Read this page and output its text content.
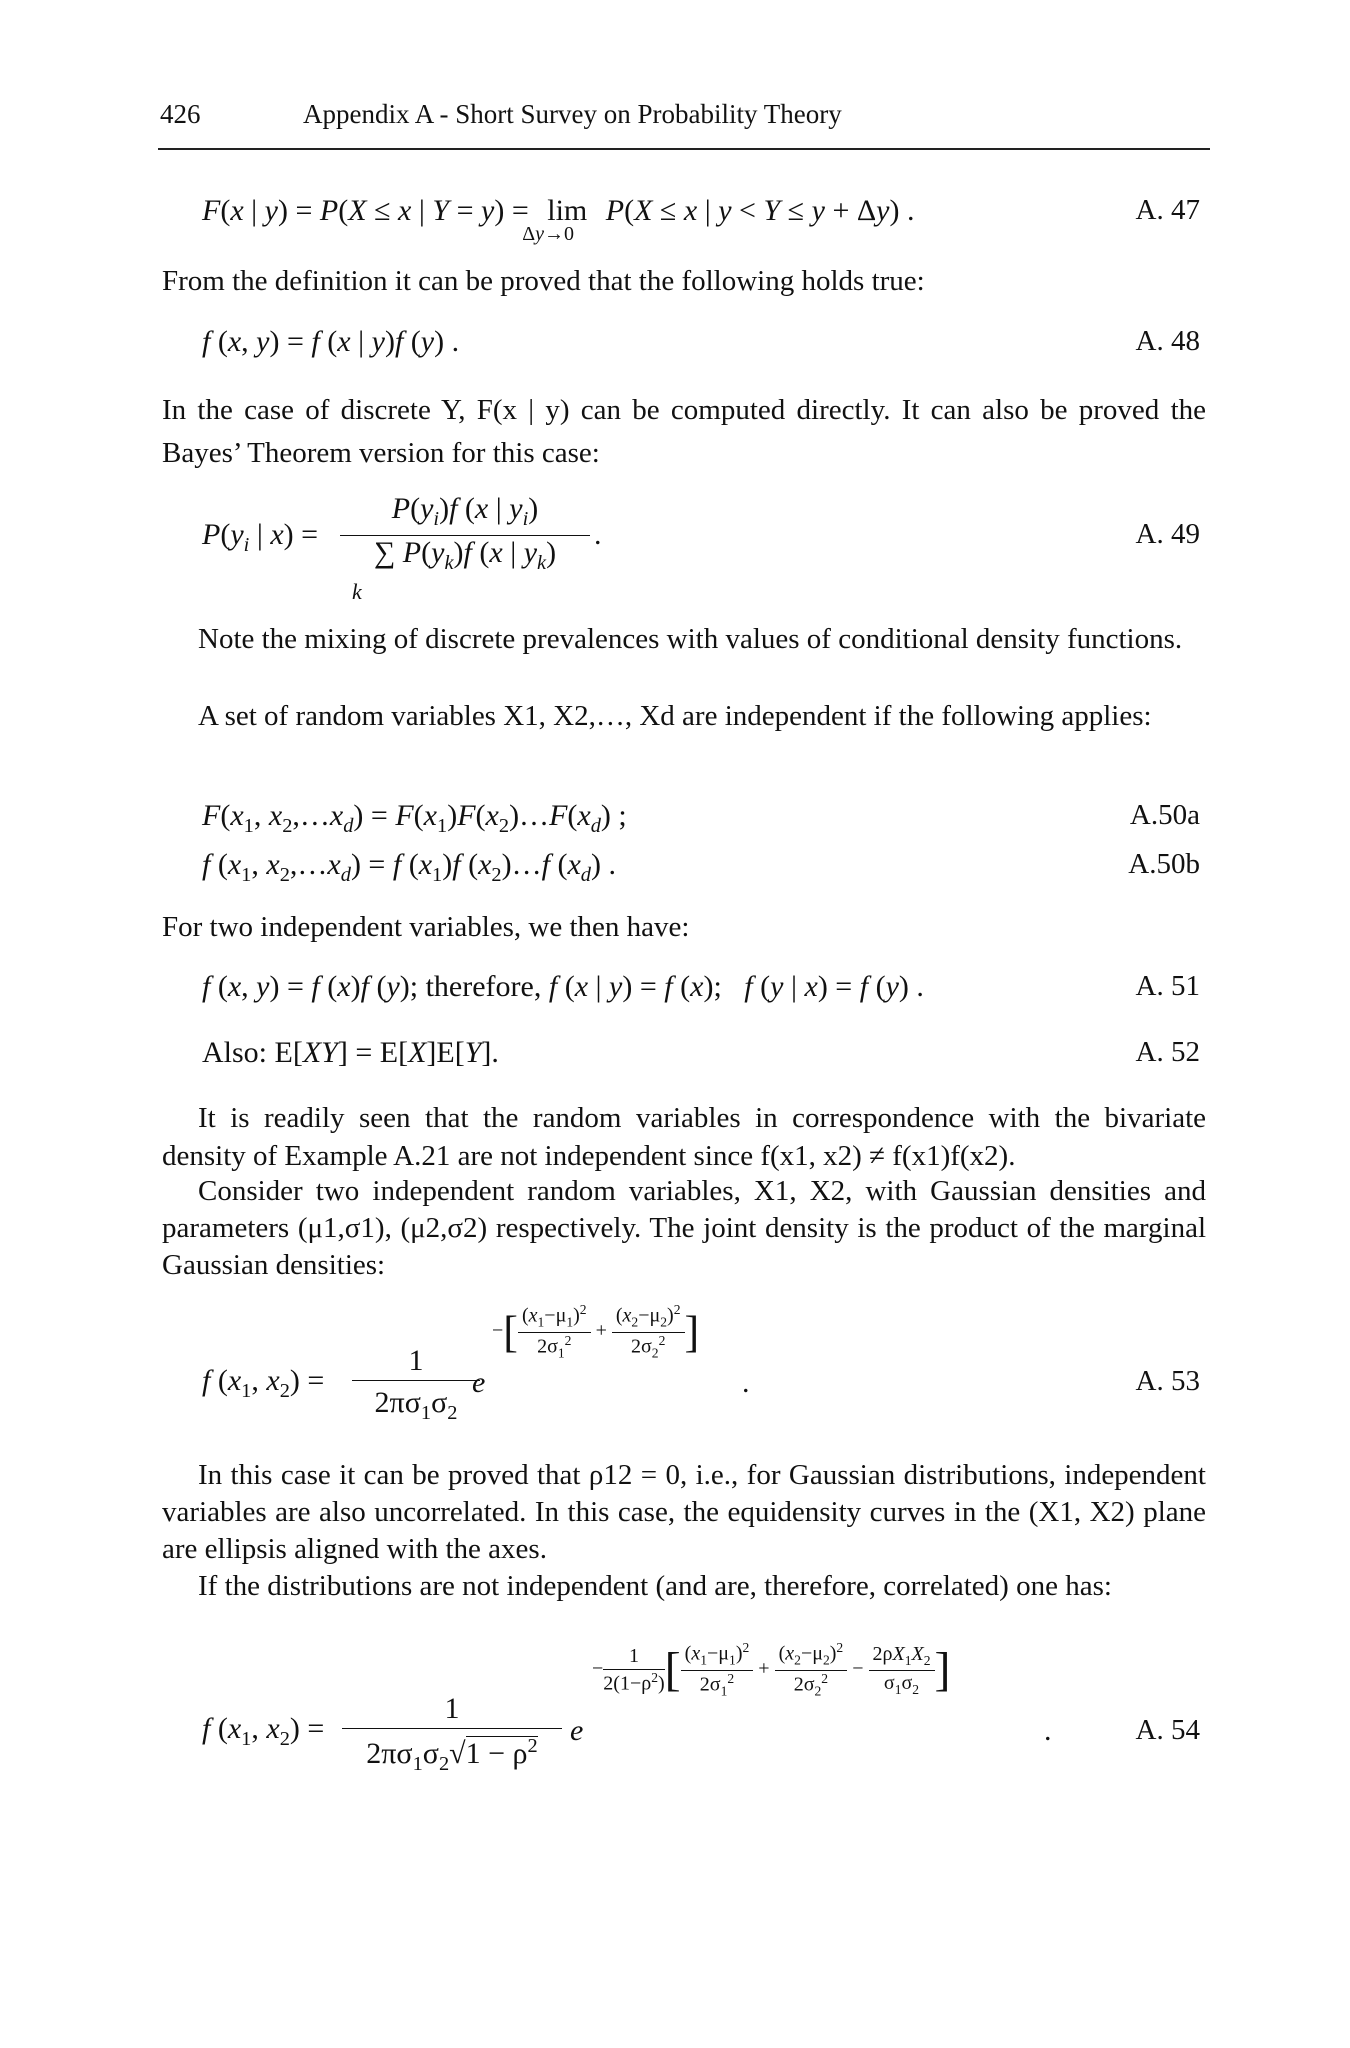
426	Appendix A - Short Survey on Probability Theory
F(x | y) = P(X ≤ x | Y = y) = lim
Δy→0
P(X ≤ x | y < Y ≤ y + Δy) .	A. 47
From the definition it can be proved that the following holds true:
f (x, y) = f (x | y)f (y) .	A. 48
In the case of discrete Y, F(x | y) can be computed directly. It can also be proved the Bayes’ Theorem version for this case:
$P(y_i$ | x) =
$P(y_i)f$ (x | $y_i$)
∑ $P(y_k)f$ (x | $y_k$)
k
.	A. 49
Note the mixing of discrete prevalences with values of conditional density functions.
A set of random variables X1, X2,…, Xd are independent if the following applies:
$F(x_1$, $x_2,\dots x_d$) = $F(x_1)F(x_2)\dots F(x_d)$ ;	A.50a
f ($x_1$, $x_2,\dots x_d) = f$ $(x_1)f$ $(x_2)\dots f$ $(x_d)$ .	A.50b
For two independent variables, we then have:
f (x, y) = f (x)f (y); therefore, f (x | y) = f (x);   f (y | x) = f (y) .	A. 51
Also: E[XY] = E[X]E[Y].	A. 52
It is readily seen that the random variables in correspondence with the bivariate density of Example A.21 are not independent since f(x1, x2) ≠ f(x1)f(x2).
Consider two independent random variables, X1, X2, with Gaussian densities and parameters (μ1,σ1), (μ2,σ2) respectively. The joint density is the product of the marginal Gaussian densities:
f ($x_1$, $x_2$) =
1
$2\pi\sigma_1\sigma_2$
e
−[ $\frac{(x_1-\mu_1)^2}{2\sigma_1^2} + \frac{(x_2-\mu_2)^2}{2\sigma_2^2}$ ]
.	A. 53
In this case it can be proved that ρ12 = 0, i.e., for Gaussian distributions, independent variables are also uncorrelated. In this case, the equidensity curves in the (X1, X2) plane are ellipsis aligned with the axes.
If the distributions are not independent (and are, therefore, correlated) one has:
f ($x_1$, $x_2$) =
1
$2\pi\sigma_1\sigma_2√1 - \rho^2$	e
− $\frac{1}{2(1-\rho^2)}$ [ $\frac{(x_1-\mu_1)^2}{2\sigma_1^2} + \frac{(x_2-\mu_2)^2}{2\sigma_2^2} - \frac{2\rho X_1X_2}{\sigma_1\sigma_2}$ ]
.	A. 54
